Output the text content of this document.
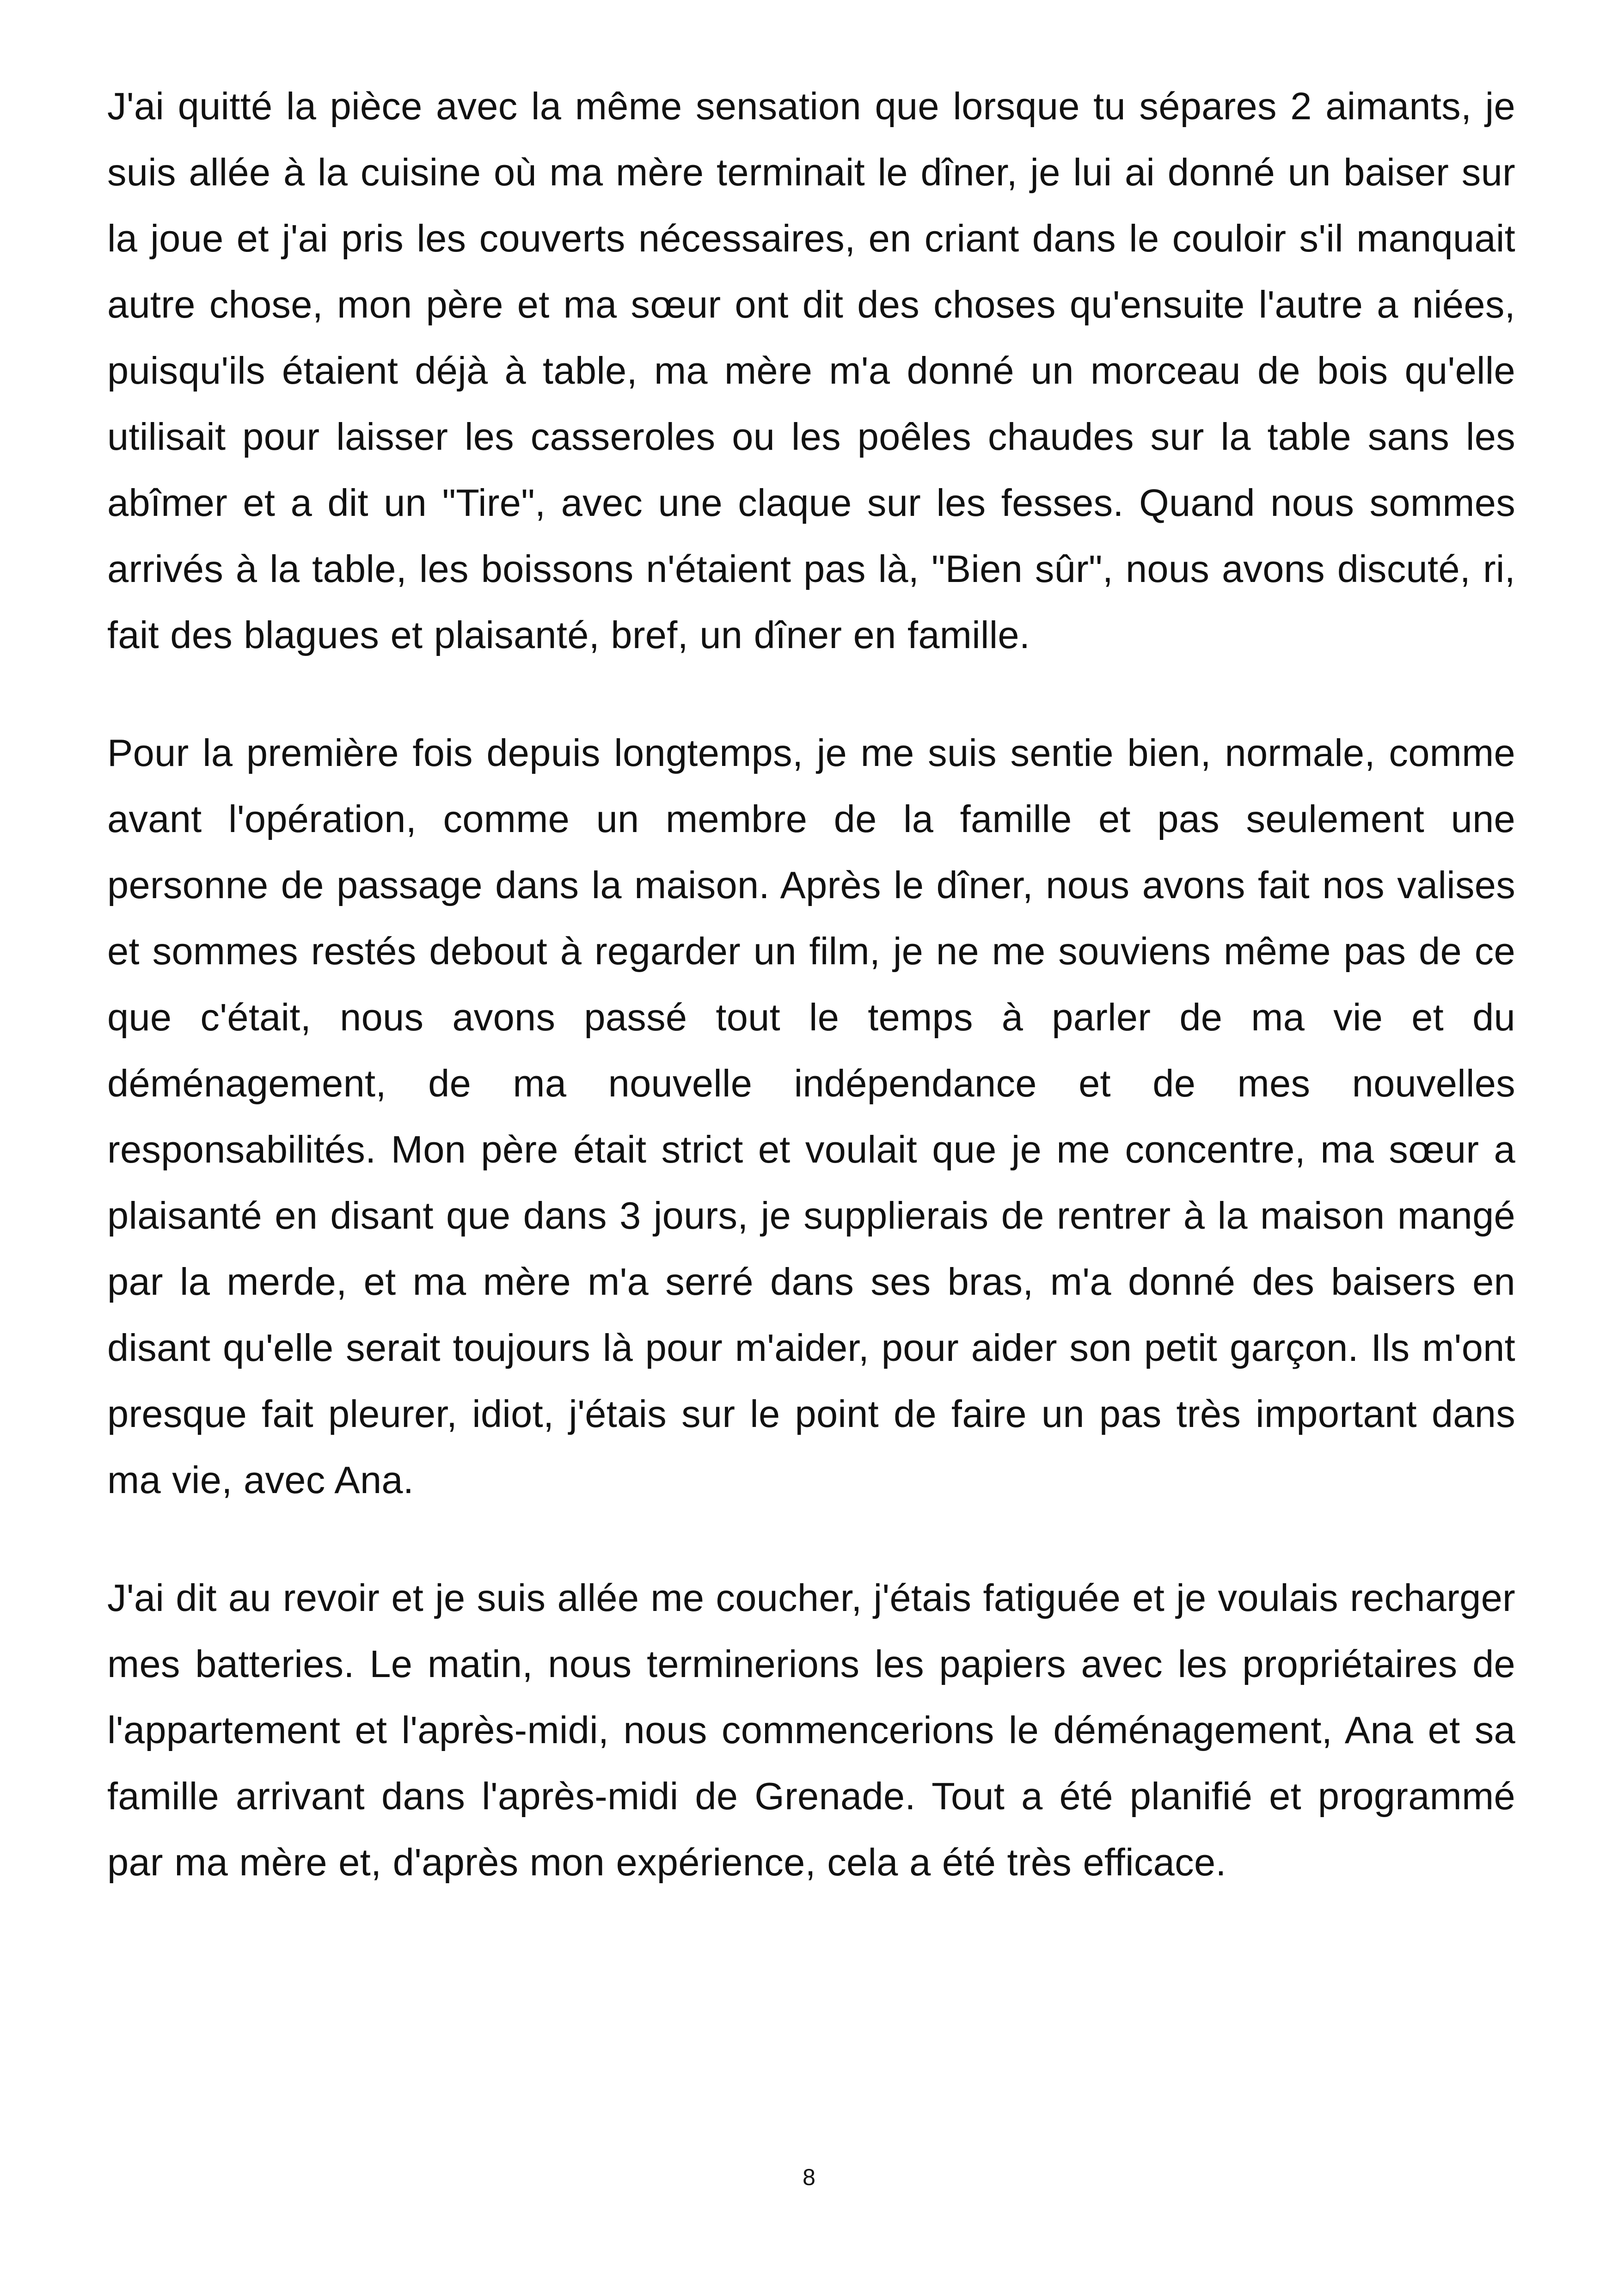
J'ai quitté la pièce avec la même sensation que lorsque tu sépares 2 aimants, je suis allée à la cuisine où ma mère terminait le dîner, je lui ai donné un baiser sur la joue et j'ai pris les couverts nécessaires, en criant dans le couloir s'il manquait autre chose, mon père et ma sœur ont dit des choses qu'ensuite l'autre a niées, puisqu'ils étaient déjà à table, ma mère m'a donné un morceau de bois qu'elle utilisait pour laisser les casseroles ou les poêles chaudes sur la table sans les abîmer et a dit un "Tire", avec une claque sur les fesses. Quand nous sommes arrivés à la table, les boissons n'étaient pas là, "Bien sûr", nous avons discuté, ri, fait des blagues et plaisanté, bref, un dîner en famille.

Pour la première fois depuis longtemps, je me suis sentie bien, normale, comme avant l'opération, comme un membre de la famille et pas seulement une personne de passage dans la maison. Après le dîner, nous avons fait nos valises et sommes restés debout à regarder un film, je ne me souviens même pas de ce que c'était, nous avons passé tout le temps à parler de ma vie et du déménagement, de ma nouvelle indépendance et de mes nouvelles responsabilités. Mon père était strict et voulait que je me concentre, ma sœur a plaisanté en disant que dans 3 jours, je supplierais de rentrer à la maison mangé par la merde, et ma mère m'a serré dans ses bras, m'a donné des baisers en disant qu'elle serait toujours là pour m'aider, pour aider son petit garçon. Ils m'ont presque fait pleurer, idiot, j'étais sur le point de faire un pas très important dans ma vie, avec Ana.

J'ai dit au revoir et je suis allée me coucher, j'étais fatiguée et je voulais recharger mes batteries. Le matin, nous terminerions les papiers avec les propriétaires de l'appartement et l'après-midi, nous commencerions le déménagement, Ana et sa famille arrivant dans l'après-midi de Grenade. Tout a été planifié et programmé par ma mère et, d'après mon expérience, cela a été très efficace.

8
